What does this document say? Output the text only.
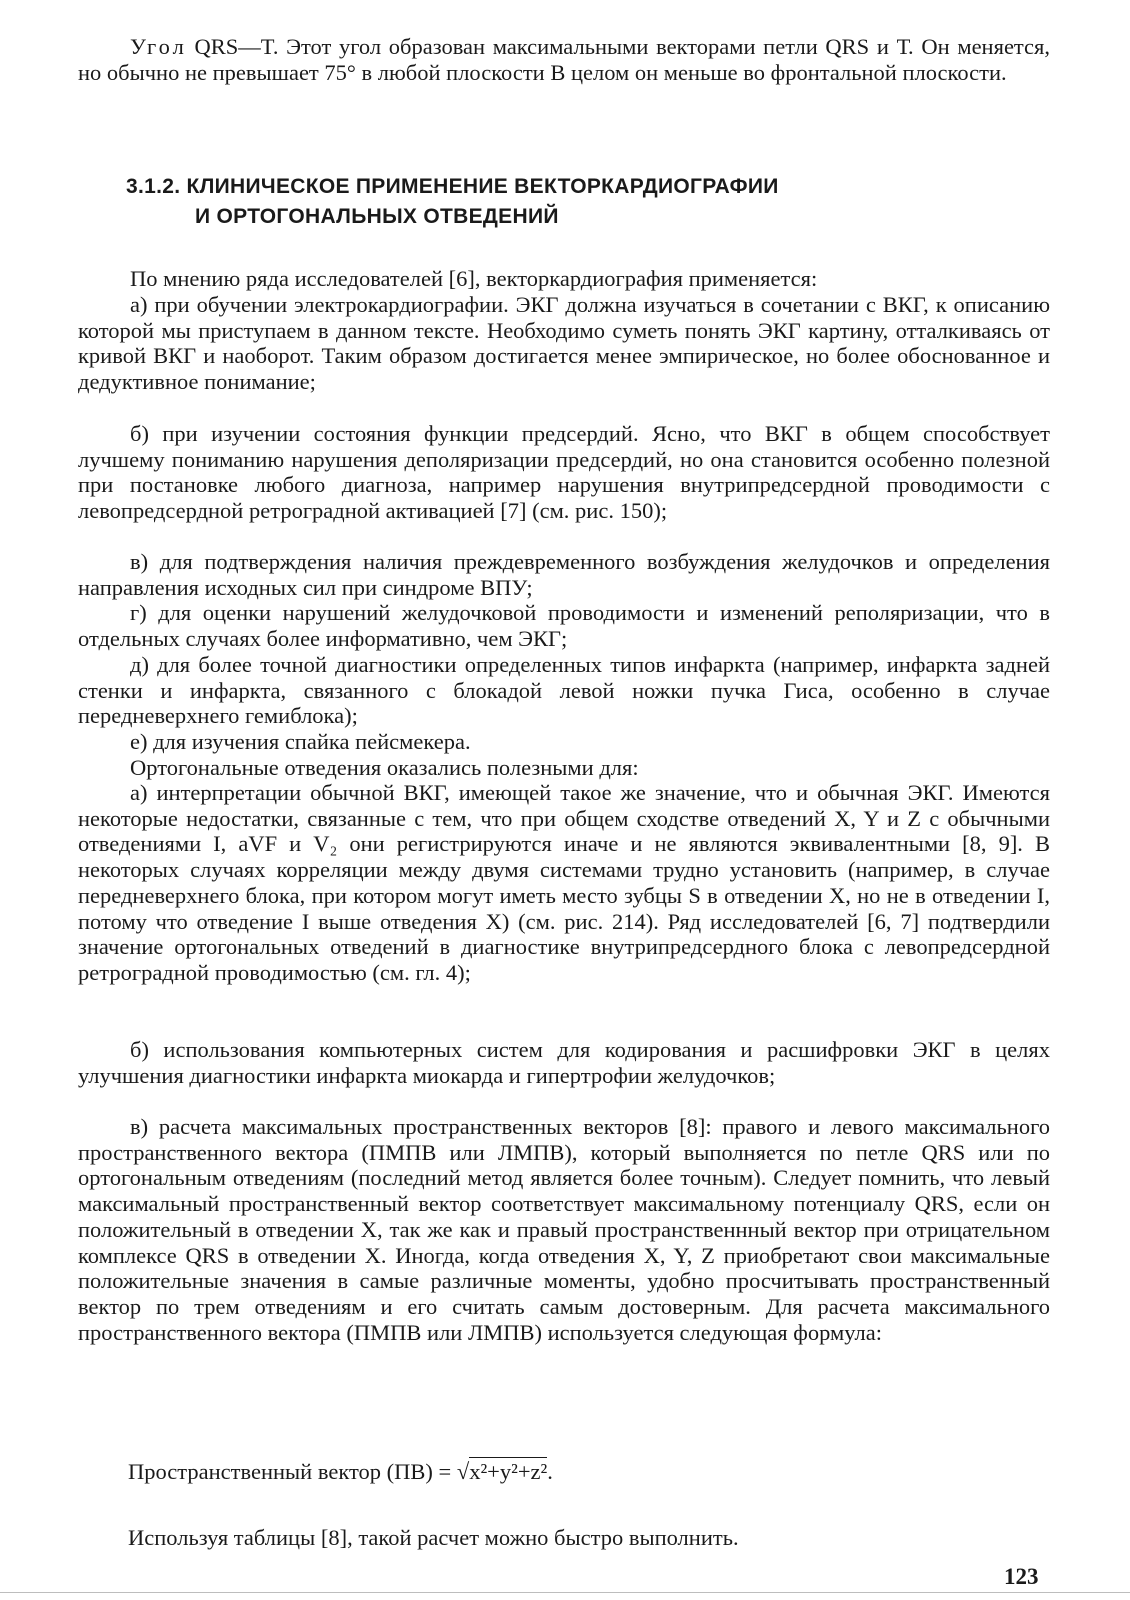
Угол QRS—T. Этот угол образован максимальными векторами петли QRS и Т. Он меняется, но обычно не превышает 75° в любой плоскости В целом он меньше во фронтальной плоскости.

3.1.2. КЛИНИЧЕСКОЕ ПРИМЕНЕНИЕ ВЕКТОРКАРДИОГРАФИИ
И ОРТОГОНАЛЬНЫХ ОТВЕДЕНИЙ

По мнению ряда исследователей [6], векторкардиография применяется:

а) при обучении электрокардиографии. ЭКГ должна изучаться в сочетании с ВКГ, к описанию которой мы приступаем в данном тексте. Необходимо суметь понять ЭКГ картину, отталкиваясь от кривой ВКГ и наоборот. Таким образом достигается менее эмпирическое, но более обоснованное и дедуктивное понимание;

б) при изучении состояния функции предсердий. Ясно, что ВКГ в общем способствует лучшему пониманию нарушения деполяризации предсердий, но она становится особенно полезной при постановке любого диагноза, например нарушения внутрипредсердной проводимости с левопредсердной ретроградной активацией [7] (см. рис. 150);

в) для подтверждения наличия преждевременного возбуждения желудочков и определения направления исходных сил при синдроме ВПУ;

г) для оценки нарушений желудочковой проводимости и изменений реполяризации, что в отдельных случаях более информативно, чем ЭКГ;

д) для более точной диагностики определенных типов инфаркта (например, инфаркта задней стенки и инфаркта, связанного с блокадой левой ножки пучка Гиса, особенно в случае передневерхнего гемиблока);

е) для изучения спайка пейсмекера.

Ортогональные отведения оказались полезными для:

а) интерпретации обычной ВКГ, имеющей такое же значение, что и обычная ЭКГ. Имеются некоторые недостатки, связанные с тем, что при общем сходстве отведений X, Y и Z с обычными отведениями I, aVF и V₂ они регистрируются иначе и не являются эквивалентными [8, 9]. В некоторых случаях корреляции между двумя системами трудно установить (например, в случае передневерхнего блока, при котором могут иметь место зубцы S в отведении X, но не в отведении I, потому что отведение I выше отведения X) (см. рис. 214). Ряд исследователей [6, 7] подтвердили значение ортогональных отведений в диагностике внутрипредсердного блока с левопредсердной ретроградной проводимостью (см. гл. 4);

б) использования компьютерных систем для кодирования и расшифровки ЭКГ в целях улучшения диагностики инфаркта миокарда и гипертрофии желудочков;

в) расчета максимальных пространственных векторов [8]: правого и левого максимального пространственного вектора (ПМПВ или ЛМПВ), который выполняется по петле QRS или по ортогональным отведениям (последний метод является более точным). Следует помнить, что левый максимальный пространственный вектор соответствует максимальному потенциалу QRS, если он положительный в отведении X, так же как и правый пространственнный вектор при отрицательном комплексе QRS в отведении X. Иногда, когда отведения X, Y, Z приобретают свои максимальные положительные значения в самые различные моменты, удобно просчитывать пространственный вектор по трем отведениям и его считать самым достоверным. Для расчета максимального пространственного вектора (ПМПВ или ЛМПВ) используется следующая формула:

Пространственный вектор (ПВ) = √x²+y²+z².

Используя таблицы [8], такой расчет можно быстро выполнить.

123
